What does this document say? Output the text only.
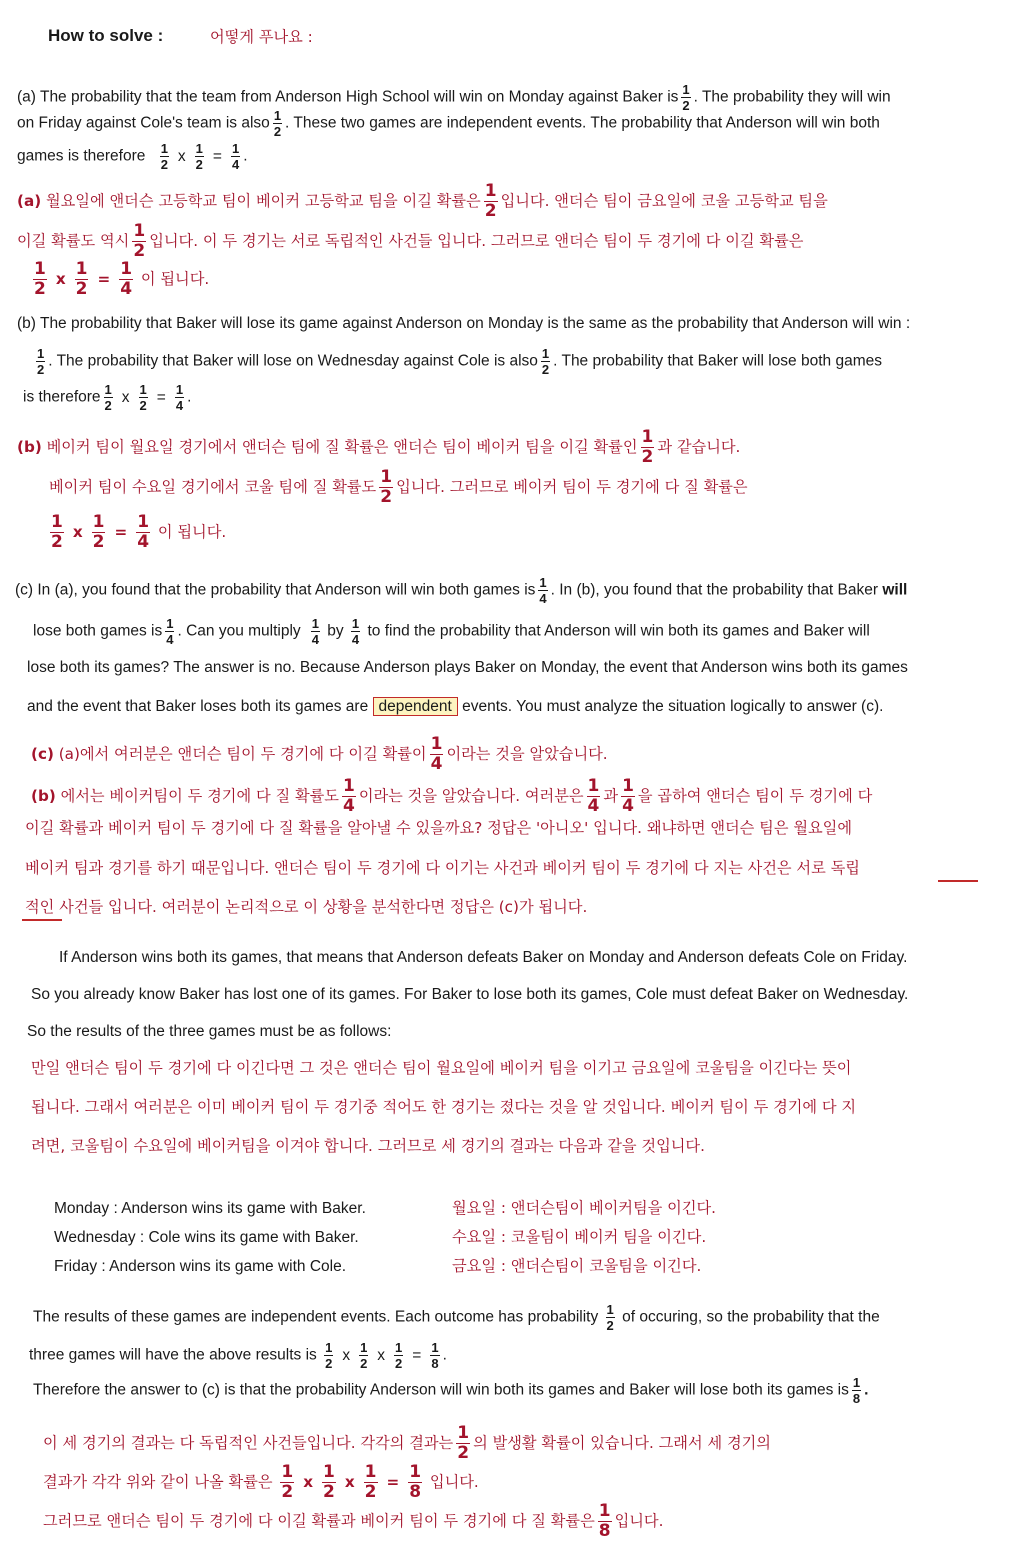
How to solve :	어떻게 푸나요 :
(a) The probability that the team from Anderson High School will win on Monday against Baker is $\frac{1}{2}$ . The probability they will win
on Friday against Cole's team is also $\frac{1}{2}$ . These two games are independent events. The probability that Anderson will win both
games is therefore $\frac{1}{2}$ x $\frac{1}{2} = \frac{1}{4}$ .
(a) 월요일에 앤더슨 고등학교 팀이 베이커 고등학교 팀을 이길 확률은 $\frac{1}{2}$ 입니다. 앤더슨 팀이 금요일에 코울 고등학교 팀을
이길 확률도 역시 $\frac{1}{2}$ 입니다. 이 두 경기는 서로 독립적인 사건들 입니다. 그러므로 앤더슨 팀이 두 경기에 다 이길 확률은
$\frac{1}{2}$ x $\frac{1}{2} = \frac{1}{4}$ 이 됩니다.
(b) The probability that Baker will lose its game against Anderson on Monday is the same as the probability that Anderson will win :
$\frac{1}{2}$ . The probability that Baker will lose on Wednesday against Cole is also $\frac{1}{2}$ . The probability that Baker will lose both games
is therefore $\frac{1}{2}$ x $\frac{1}{2} = \frac{1}{4}$ .
(b) 베이커 팀이 월요일 경기에서 앤더슨 팀에 질 확률은 앤더슨 팀이 베이커 팀을 이길 확률인 $\frac{1}{2}$ 과 같습니다.
베이커 팀이 수요일 경기에서 코울 팀에 질 확률도 $\frac{1}{2}$ 입니다. 그러므로 베이커 팀이 두 경기에 다 질 확률은
$\frac{1}{2}$ x $\frac{1}{2} = \frac{1}{4}$ 이 됩니다.
(c) In (a), you found that the probability that Anderson will win both games is $\frac{1}{4}$ . In (b), you found that the probability that Baker will
lose both games is $\frac{1}{4}$ . Can you multiply $\frac{1}{4}$ by $\frac{1}{4}$ to find the probability that Anderson will win both its games and Baker will
lose both its games? The answer is no. Because Anderson plays Baker on Monday, the event that Anderson wins both its games
and the event that Baker loses both its games are dependent events. You must analyze the situation logically to answer (c).
(c) (a)에서 여러분은 앤더슨 팀이 두 경기에 다 이길 확률이 $\frac{1}{4}$ 이라는 것을 알았습니다.
(b) 에서는 베이커팀이 두 경기에 다 질 확률도 $\frac{1}{4}$ 이라는 것을 알았습니다. 여러분은 $\frac{1}{4}$ 과 $\frac{1}{4}$ 을 곱하여 앤더슨 팀이 두 경기에 다
이길 확률과 베이커 팀이 두 경기에 다 질 확률을 알아낼 수 있을까요? 정답은 '아니오' 입니다. 왜냐하면 앤더슨 팀은 월요일에
베이커 팀과 경기를 하기 때문입니다. 앤더슨 팀이 두 경기에 다 이기는 사건과 베이커 팀이 두 경기에 다 지는 사건은 서로 독립
적인 사건들 입니다. 여러분이 논리적으로 이 상황을 분석한다면 정답은 (c)가 됩니다.
If Anderson wins both its games, that means that Anderson defeats Baker on Monday and Anderson defeats Cole on Friday.
So you already know Baker has lost one of its games. For Baker to lose both its games, Cole must defeat Baker on Wednesday.
So the results of the three games must be as follows:
만일 앤더슨 팀이 두 경기에 다 이긴다면 그 것은 앤더슨 팀이 월요일에 베이커 팀을 이기고 금요일에 코울팀을 이긴다는 뜻이
됩니다. 그래서 여러분은 이미 베이커 팀이 두 경기중 적어도 한 경기는 졌다는 것을 알 것입니다. 베이커 팀이 두 경기에 다 지
려면, 코울팀이 수요일에 베이커팀을 이겨야 합니다. 그러므로 세 경기의 결과는 다음과 같을 것입니다.
Monday : Anderson wins its game with Baker.
Wednesday : Cole wins its game with Baker.
Friday : Anderson wins its game with Cole.
월요일 : 앤더슨팀이 베이커팀을 이긴다.
수요일 : 코울팀이 베이커 팀을 이긴다.
금요일 : 앤더슨팀이 코울팀을 이긴다.
The results of these games are independent events. Each outcome has probability $\frac{1}{2}$ of occuring, so the probability that the
three games will have the above results is $\frac{1}{2}$ x $\frac{1}{2}$ x $\frac{1}{2} = \frac{1}{8}$ .
Therefore the answer to (c) is that the probability Anderson will win both its games and Baker will lose both its games is $\frac{1}{8}$ .
이 세 경기의 결과는 다 독립적인 사건들입니다. 각각의 결과는 $\frac{1}{2}$ 의 발생활 확률이 있습니다. 그래서 세 경기의
결과가 각각 위와 같이 나올 확률은 $\frac{1}{2}$ x $\frac{1}{2}$ x $\frac{1}{2} = \frac{1}{8}$ 입니다.
그러므로 앤더슨 팀이 두 경기에 다 이길 확률과 베이커 팀이 두 경기에 다 질 확률은 $\frac{1}{8}$ 입니다.
